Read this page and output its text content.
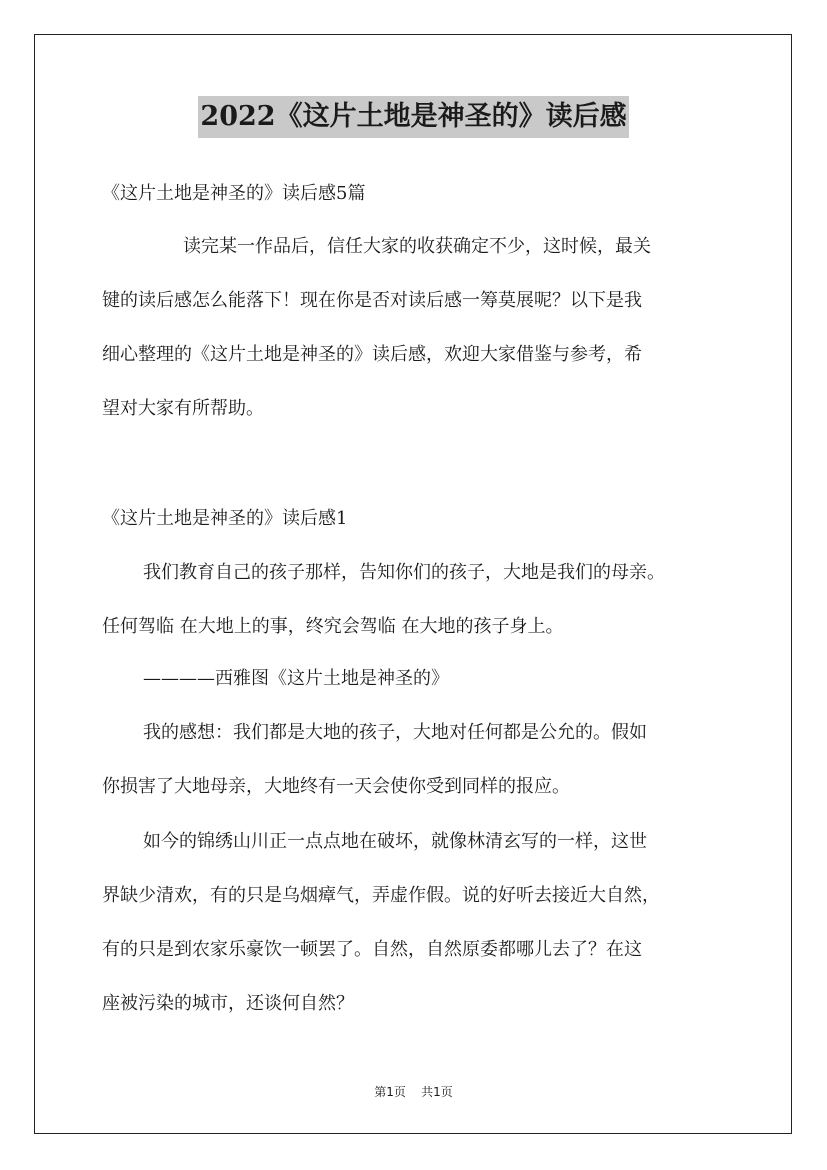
2022《这片土地是神圣的》读后感
《这片土地是神圣的》读后感5篇
读完某一作品后，信任大家的收获确定不少，这时候，最关
键的读后感怎么能落下！现在你是否对读后感一筹莫展呢？以下是我
细心整理的《这片土地是神圣的》读后感，欢迎大家借鉴与参考，希
望对大家有所帮助。
《这片土地是神圣的》读后感1
我们教育自己的孩子那样，告知你们的孩子，大地是我们的母亲。
任何驾临 在大地上的事，终究会驾临 在大地的孩子身上。
————西雅图《这片土地是神圣的》
我的感想：我们都是大地的孩子，大地对任何都是公允的。假如
你损害了大地母亲，大地终有一天会使你受到同样的报应。
如今的锦绣山川正一点点地在破坏，就像林清玄写的一样，这世
界缺少清欢，有的只是乌烟瘴气，弄虚作假。说的好听去接近大自然，
有的只是到农家乐豪饮一顿罢了。自然，自然原委都哪儿去了？在这
座被污染的城市，还谈何自然？
第1页 共1页
